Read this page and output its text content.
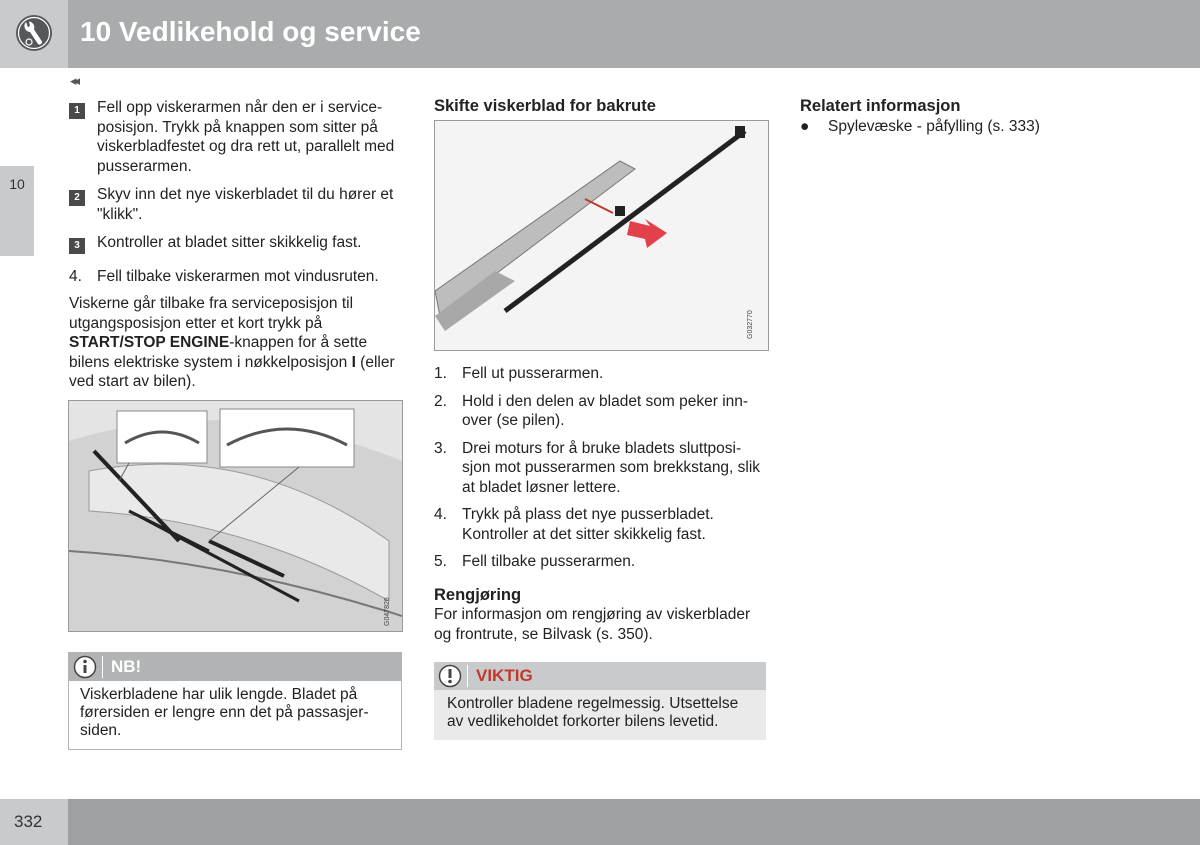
10 Vedlikehold og service
10
◂◂
1	Fell opp viskerarmen når den er i service-posisjon. Trykk på knappen som sitter på viskerbladfestet og dra rett ut, parallelt med pusserarmen.
2	Skyv inn det nye viskerbladet til du hører et "klikk".
3	Kontroller at bladet sitter skikkelig fast.
4. Fell tilbake viskerarmen mot vindusruten.

Viskerne går tilbake fra serviceposisjon til utgangsposisjon etter et kort trykk på START/STOP ENGINE-knappen for å sette bilens elektriske system i nøkkelposisjon I (eller ved start av bilen).

G047826
NB!
Viskerbladene har ulik lengde. Bladet på førersiden er lengre enn det på passasjer-siden.
Skifte viskerblad for bakrute
G032770
1. Fell ut pusserarmen.
2. Hold i den delen av bladet som peker inn-over (se pilen).
3. Drei moturs for å bruke bladets sluttposi-sjon mot pusserarmen som brekkstang, slik at bladet løsner lettere.
4. Trykk på plass det nye pusserbladet. Kontroller at det sitter skikkelig fast.
5. Fell tilbake pusserarmen.
Rengjøring

For informasjon om rengjøring av viskerblader og frontrute, se Bilvask (s. 350).

VIKTIG
Kontroller bladene regelmessig. Utsettelse av vedlikeholdet forkorter bilens levetid.
Relatert informasjon
● Spylevæske - påfylling (s. 333)
332
